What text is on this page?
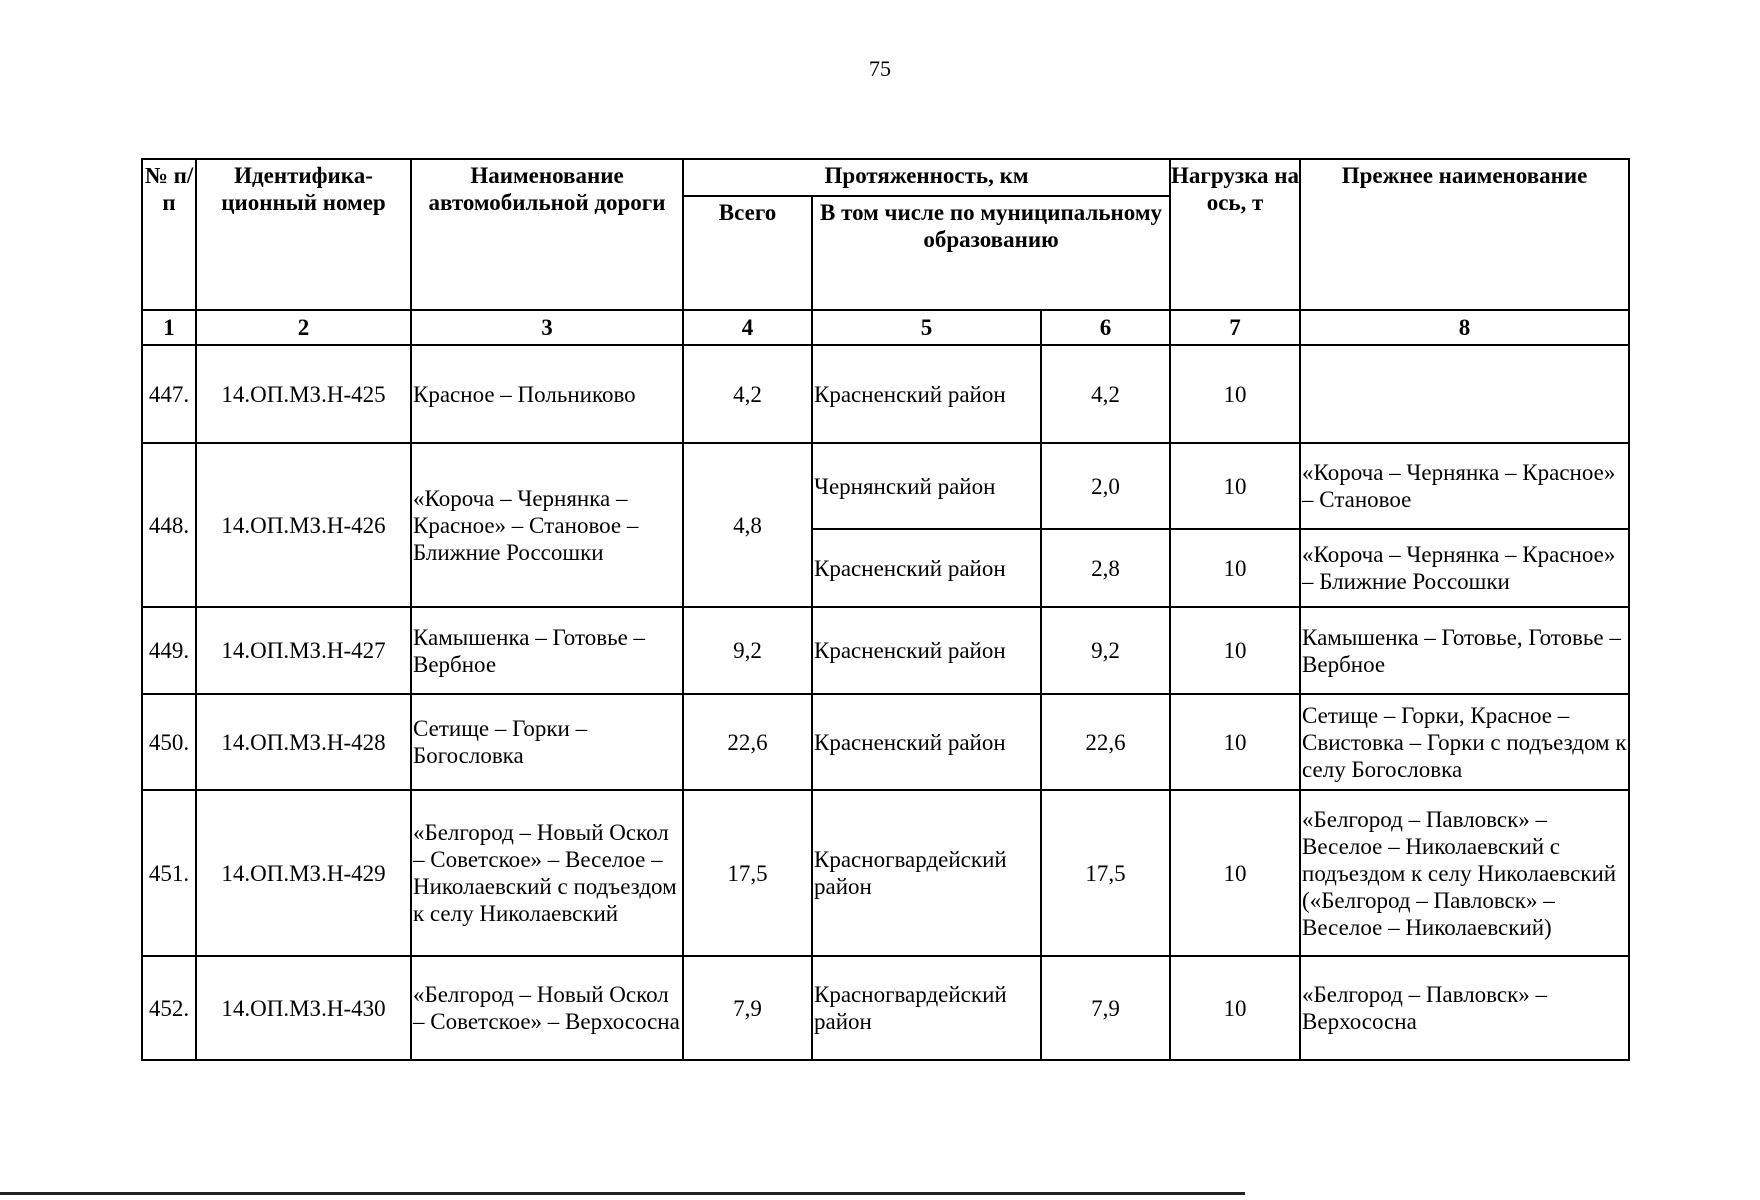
75
№ п/п	Идентифика-ционный номер	Наименование автомобильной дороги	Протяженность, км			Нагрузка на ось, т	Прежнее наименование
			Всего	В том числе по муниципальному образованию			
1	2	3	4	5	6	7	8
447.	14.ОП.МЗ.Н-425	Красное – Польниково	4,2	Красненский район	4,2	10	
448.	14.ОП.МЗ.Н-426	«Короча – Чернянка – Красное» – Становое – Ближние Россошки	4,8	Чернянский район	2,0	10	«Короча – Чернянка – Красное» – Становое
				Красненский район	2,8	10	«Короча – Чернянка – Красное» – Ближние Россошки
449.	14.ОП.МЗ.Н-427	Камышенка – Готовье – Вербное	9,2	Красненский район	9,2	10	Камышенка – Готовье, Готовье – Вербное
450.	14.ОП.МЗ.Н-428	Сетище – Горки – Богословка	22,6	Красненский район	22,6	10	Сетище – Горки, Красное – Свистовка – Горки с подъездом к селу Богословка
451.	14.ОП.МЗ.Н-429	«Белгород – Новый Оскол – Советское» – Веселое – Николаевский с подъездом к селу Николаевский	17,5	Красногвардейский район	17,5	10	«Белгород – Павловск» – Веселое – Николаевский с подъездом к селу Николаевский («Белгород – Павловск» – Веселое – Николаевский)
452.	14.ОП.МЗ.Н-430	«Белгород – Новый Оскол – Советское» – Верхососна	7,9	Красногвардейский район	7,9	10	«Белгород – Павловск» – Верхососна
